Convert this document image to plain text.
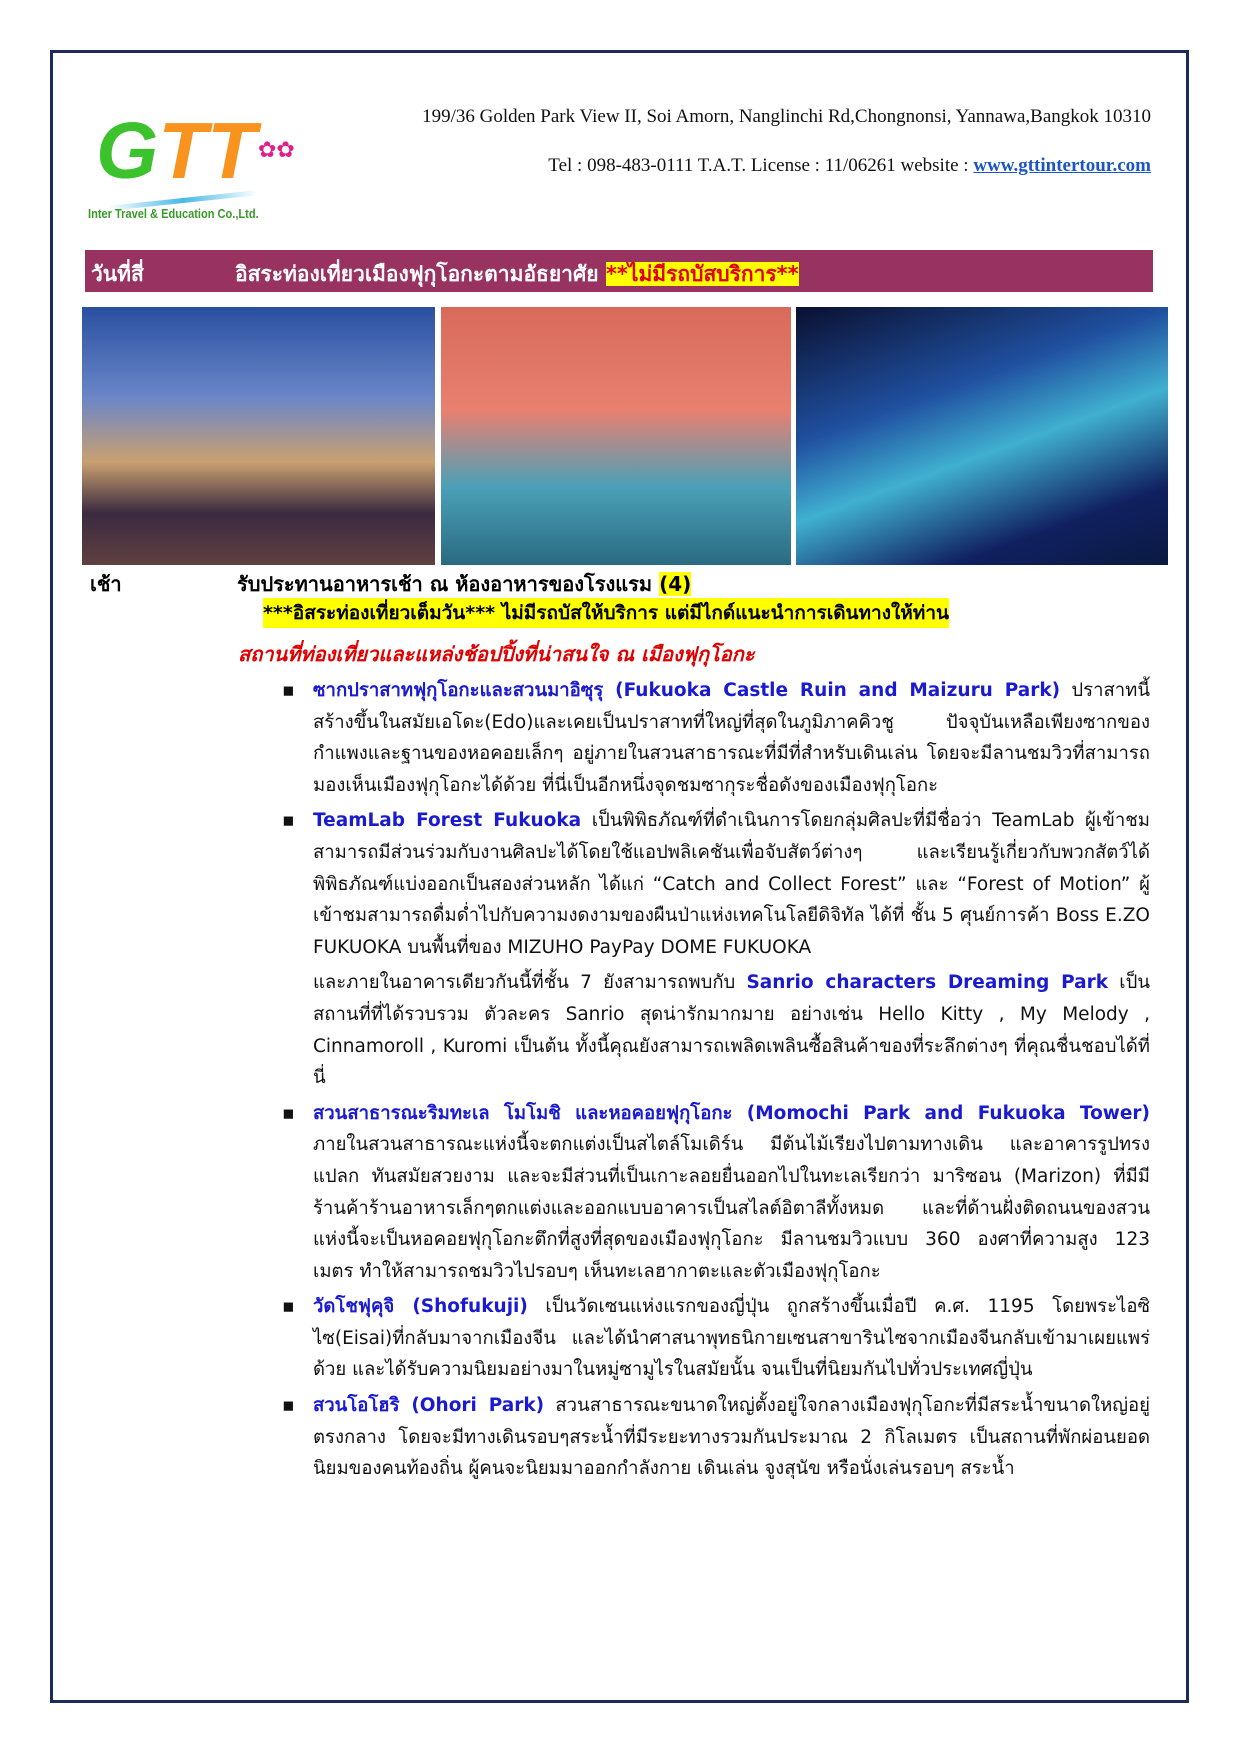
G TT ✿✿
Inter Travel & Education Co.,Ltd.
199/36 Golden Park View II, Soi Amorn, Nanglinchi Rd,Chongnonsi, Yannawa,Bangkok 10310
Tel : 098-483-0111 T.A.T. License : 11/06261 website : www.gttintertour.com
วันที่สี่	อิสระท่องเที่ยวเมืองฟุกุโอกะตามอัธยาศัย **ไม่มีรถบัสบริการ**
เช้า	รับประทานอาหารเช้า ณ ห้องอาหารของโรงแรม (4)
***อิสระท่องเที่ยวเต็มวัน*** ไม่มีรถบัสให้บริการ แต่มีไกด์แนะนำการเดินทางให้ท่าน
สถานที่ท่องเที่ยวและแหล่งช้อปปิ้งที่น่าสนใจ ณ เมืองฟุกุโอกะ
▪ ซากปราสาทฟุกุโอกะและสวนมาอิซุรุ (Fukuoka Castle Ruin and Maizuru Park) ปราสาทนี้สร้างขึ้นในสมัยเอโดะ(Edo)และเคยเป็นปราสาทที่ใหญ่ที่สุดในภูมิภาคคิวชู ปัจจุบันเหลือเพียงซากของกำแพงและฐานของหอคอยเล็กๆ อยู่ภายในสวนสาธารณะที่มีที่สำหรับเดินเล่น โดยจะมีลานชมวิวที่สามารถมองเห็นเมืองฟุกุโอกะได้ด้วย ที่นี่เป็นอีกหนึ่งจุดชมซากุระชื่อดังของเมืองฟุกุโอกะ
▪ TeamLab Forest Fukuoka เป็นพิพิธภัณฑ์ที่ดำเนินการโดยกลุ่มศิลปะที่มีชื่อว่า TeamLab ผู้เข้าชมสามารถมีส่วนร่วมกับงานศิลปะได้โดยใช้แอปพลิเคชันเพื่อจับสัตว์ต่างๆ และเรียนรู้เกี่ยวกับพวกสัตว์ได้ พิพิธภัณฑ์แบ่งออกเป็นสองส่วนหลัก ได้แก่ “Catch and Collect Forest” และ “Forest of Motion” ผู้เข้าชมสามารถดื่มด่ำไปกับความงดงามของผืนป่าแห่งเทคโนโลยีดิจิทัล ได้ที่ ชั้น 5 ศุนย์การค้า Boss E.ZO FUKUOKA บนพื้นที่ของ MIZUHO PayPay DOME FUKUOKA
และภายในอาคารเดียวกันนี้ที่ชั้น 7 ยังสามารถพบกับ Sanrio characters Dreaming Park เป็นสถานที่ที่ได้รวบรวม ตัวละคร Sanrio สุดน่ารักมากมาย อย่างเช่น Hello Kitty , My Melody , Cinnamoroll , Kuromi เป็นต้น ทั้งนี้คุณยังสามารถเพลิดเพลินซื้อสินค้าของที่ระลึกต่างๆ ที่คุณชื่นชอบได้ที่นี่
▪ สวนสาธารณะริมทะเล โมโมชิ และหอคอยฟุกุโอกะ (Momochi Park and Fukuoka Tower) ภายในสวนสาธารณะแห่งนี้จะตกแต่งเป็นสไตล์โมเดิร์น มีต้นไม้เรียงไปตามทางเดิน และอาคารรูปทรงแปลก ทันสมัยสวยงาม และจะมีส่วนที่เป็นเกาะลอยยื่นออกไปในทะเลเรียกว่า มาริซอน (Marizon) ที่มีมีร้านค้าร้านอาหารเล็กๆตกแต่งและออกแบบอาคารเป็นสไลต์อิตาลีทั้งหมด และที่ด้านฝั่งติดถนนของสวนแห่งนี้จะเป็นหอคอยฟุกุโอกะตึกที่สูงที่สุดของเมืองฟุกุโอกะ มีลานชมวิวแบบ 360 องศาที่ความสูง 123 เมตร ทำให้สามารถชมวิวไปรอบๆ เห็นทะเลฮากาตะและตัวเมืองฟุกุโอกะ
▪ วัดโชฟุคุจิ (Shofukuji) เป็นวัดเซนแห่งแรกของญี่ปุ่น ถูกสร้างขึ้นเมื่อปี ค.ศ. 1195 โดยพระไอซิไซ(Eisai)ที่กลับมาจากเมืองจีน และได้นำศาสนาพุทธนิกายเซนสาขารินไซจากเมืองจีนกลับเข้ามาเผยแพร่ด้วย และได้รับความนิยมอย่างมาในหมู่ซามูไรในสมัยนั้น จนเป็นที่นิยมกันไปทั่วประเทศญี่ปุ่น
▪ สวนโอโฮริ (Ohori Park) สวนสาธารณะขนาดใหญ่ตั้งอยู่ใจกลางเมืองฟุกุโอกะที่มีสระน้ำขนาดใหญ่อยู่ตรงกลาง โดยจะมีทางเดินรอบๆสระน้ำที่มีระยะทางรวมกันประมาณ 2 กิโลเมตร เป็นสถานที่พักผ่อนยอดนิยมของคนท้องถิ่น ผู้คนจะนิยมมาออกกำลังกาย เดินเล่น จูงสุนัข หรือนั่งเล่นรอบๆ สระน้ำ
